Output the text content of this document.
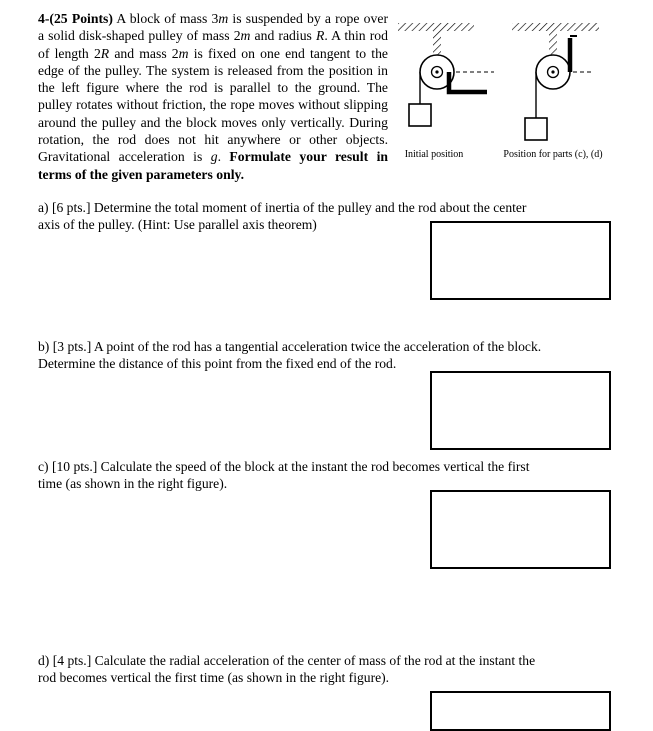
4-(25 Points) A block of mass 3m is suspended by a rope over a solid disk-shaped pulley of mass 2m and radius R. A thin rod of length 2R and mass 2m is fixed on one end tangent to the edge of the pulley. The system is released from the position in the left figure where the rod is parallel to the ground. The pulley rotates without friction, the rope moves without slipping around the pulley and the block moves only vertically. During rotation, the rod does not hit anywhere or other objects. Gravitational acceleration is g. Formulate your result in terms of the given parameters only.
Initial position	Position for parts (c), (d)
a) [6 pts.] Determine the total moment of inertia of the pulley and the rod about the center
axis of the pulley. (Hint: Use parallel axis theorem)
b) [3 pts.] A point of the rod has a tangential acceleration twice the acceleration of the block.
Determine the distance of this point from the fixed end of the rod.
c) [10 pts.] Calculate the speed of the block at the instant the rod becomes vertical the first
time (as shown in the right figure).
d) [4 pts.] Calculate the radial acceleration of the center of mass of the rod at the instant the
rod becomes vertical the first time (as shown in the right figure).
